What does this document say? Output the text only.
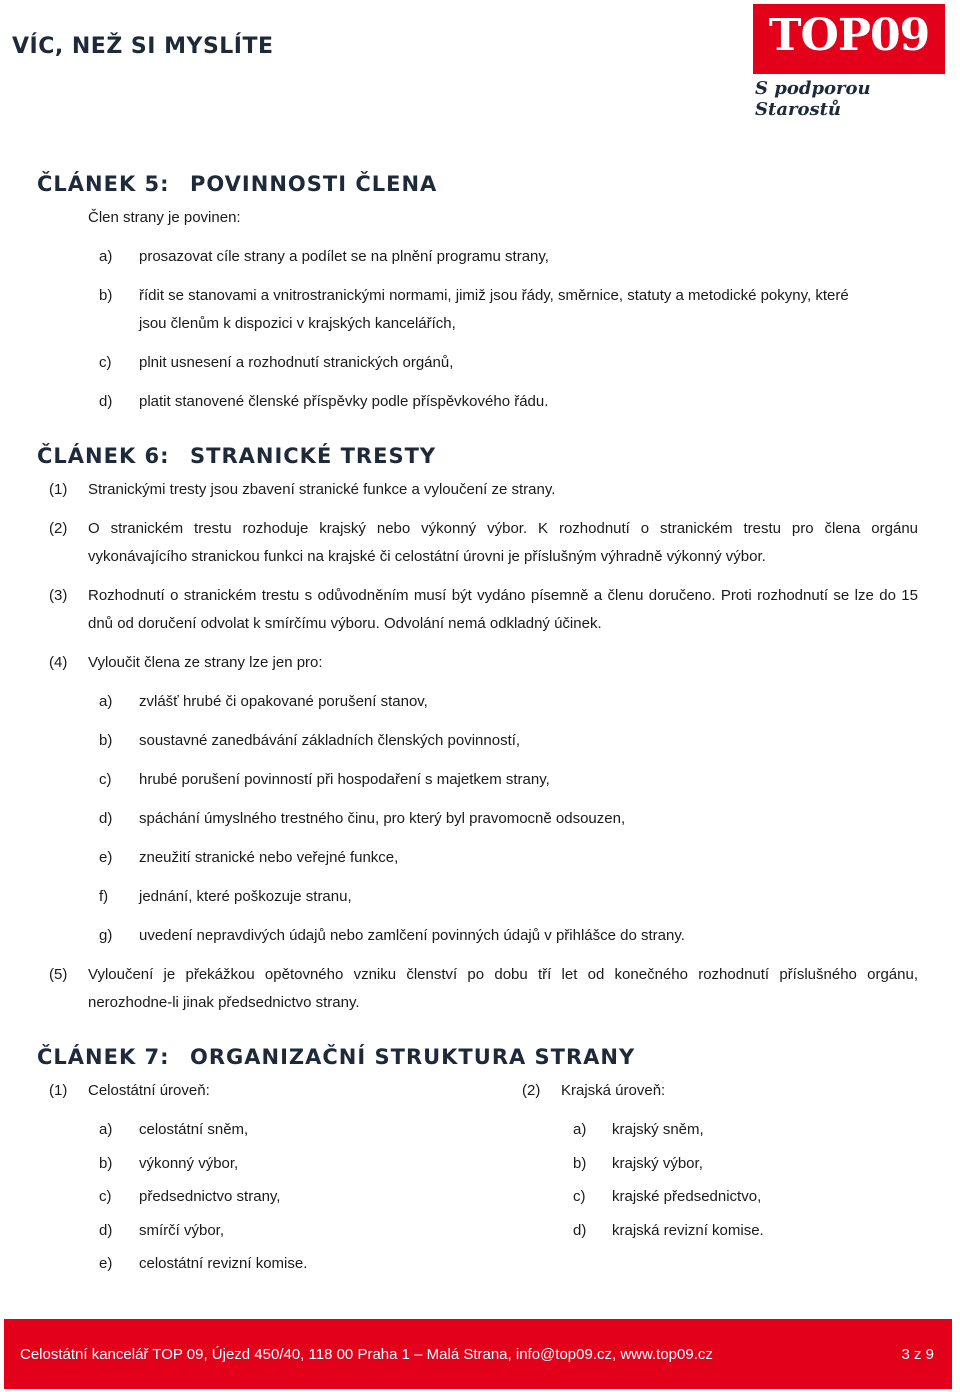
VÍC, NEŽ SI MYSLÍTE	TOP09
S podporou Starostů
ČLÁNEK 5: POVINNOSTI ČLENA
Člen strany je povinen:
a) prosazovat cíle strany a podílet se na plnění programu strany,
b) řídit se stanovami a vnitrostranickými normami, jimiž jsou řády, směrnice, statuty a metodické pokyny, které
jsou členům k dispozici v krajských kancelářích,
c) plnit usnesení a rozhodnutí stranických orgánů,
d) platit stanovené členské příspěvky podle příspěvkového řádu.
ČLÁNEK 6: STRANICKÉ TRESTY
(1) Stranickými tresty jsou zbavení stranické funkce a vyloučení ze strany.
(2) O stranickém trestu rozhoduje krajský nebo výkonný výbor. K rozhodnutí o stranickém trestu pro člena orgánu vykonávajícího stranickou funkci na krajské či celostátní úrovni je příslušným výhradně výkonný výbor.
(3) Rozhodnutí o stranickém trestu s odůvodněním musí být vydáno písemně a členu doručeno. Proti rozhodnutí se lze do 15 dnů od doručení odvolat k smírčímu výboru. Odvolání nemá odkladný účinek.
(4) Vyloučit člena ze strany lze jen pro:
a) zvlášť hrubé či opakované porušení stanov,
b) soustavné zanedbávání základních členských povinností,
c) hrubé porušení povinností při hospodaření s majetkem strany,
d) spáchání úmyslného trestného činu, pro který byl pravomocně odsouzen,
e) zneužití stranické nebo veřejné funkce,
f) jednání, které poškozuje stranu,
g) uvedení nepravdivých údajů nebo zamlčení povinných údajů v přihlášce do strany.
(5) Vyloučení je překážkou opětovného vzniku členství po dobu tří let od konečného rozhodnutí příslušného orgánu, nerozhodne-li jinak předsednictvo strany.
ČLÁNEK 7: ORGANIZAČNÍ STRUKTURA STRANY
(1) Celostátní úroveň:
a) celostátní sněm,
b) výkonný výbor,
c) předsednictvo strany,
d) smírčí výbor,
e) celostátní revizní komise.
(2) Krajská úroveň:
a) krajský sněm,
b) krajský výbor,
c) krajské předsednictvo,
d) krajská revizní komise.
Celostátní kancelář TOP 09, Újezd 450/40, 118 00 Praha 1 – Malá Strana, info@top09.cz, www.top09.cz	3 z 9
